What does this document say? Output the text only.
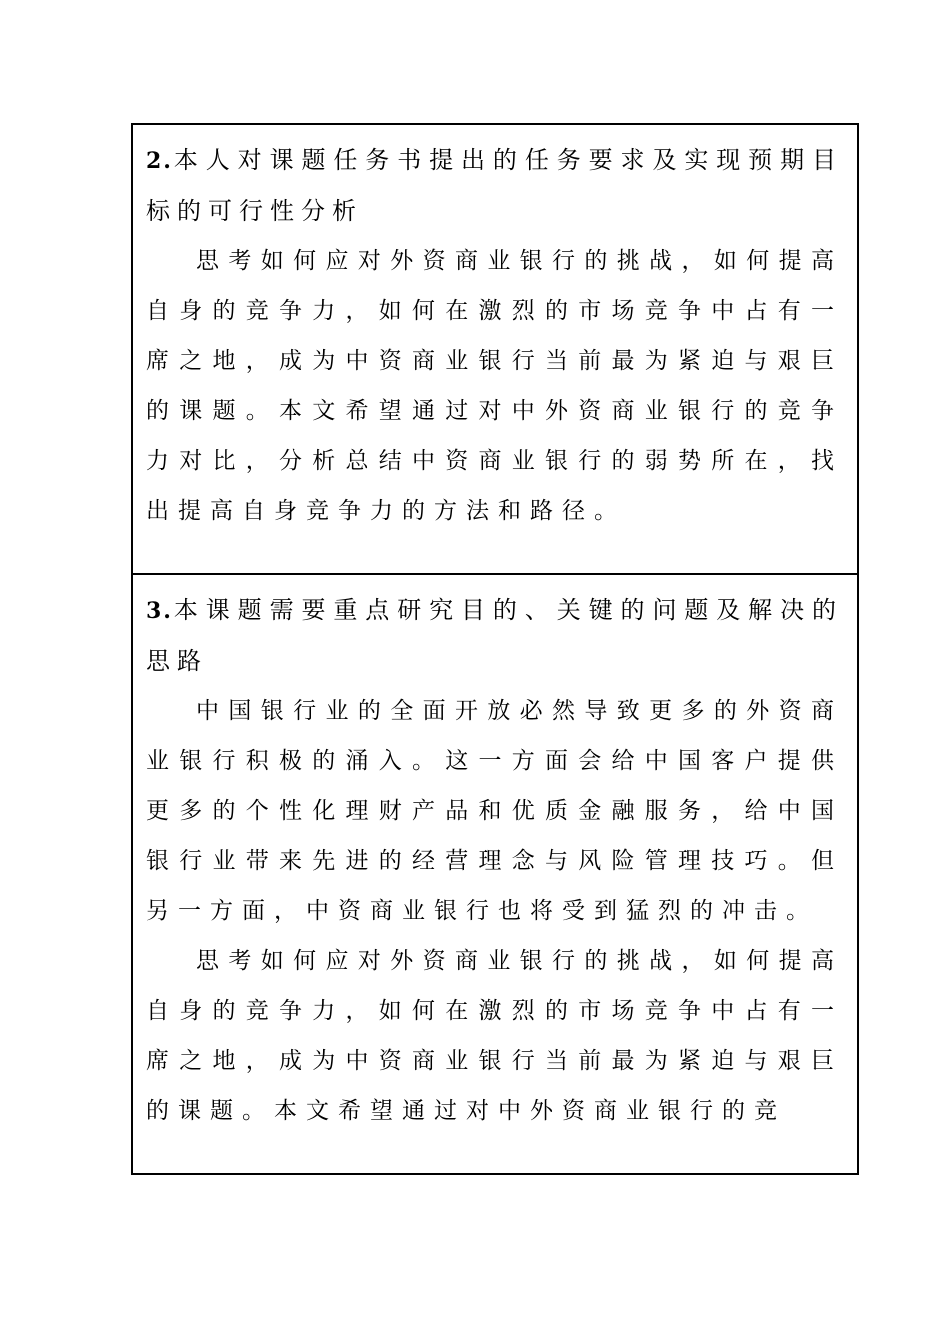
2.本人对课题任务书提出的任务要求及实现预期目标的可行性分析

思考如何应对外资商业银行的挑战，如何提高自身的竞争力，如何在激烈的市场竞争中占有一席之地，成为中资商业银行当前最为紧迫与艰巨的课题。本文希望通过对中外资商业银行的竞争力对比，分析总结中资商业银行的弱势所在，找出提高自身竞争力的方法和路径。

3.本课题需要重点研究目的、关键的问题及解决的思路

中国银行业的全面开放必然导致更多的外资商业银行积极的涌入。这一方面会给中国客户提供更多的个性化理财产品和优质金融服务，给中国银行业带来先进的经营理念与风险管理技巧。但另一方面，中资商业银行也将受到猛烈的冲击。

思考如何应对外资商业银行的挑战，如何提高自身的竞争力，如何在激烈的市场竞争中占有一席之地，成为中资商业银行当前最为紧迫与艰巨的课题。本文希望通过对中外资商业银行的竞
